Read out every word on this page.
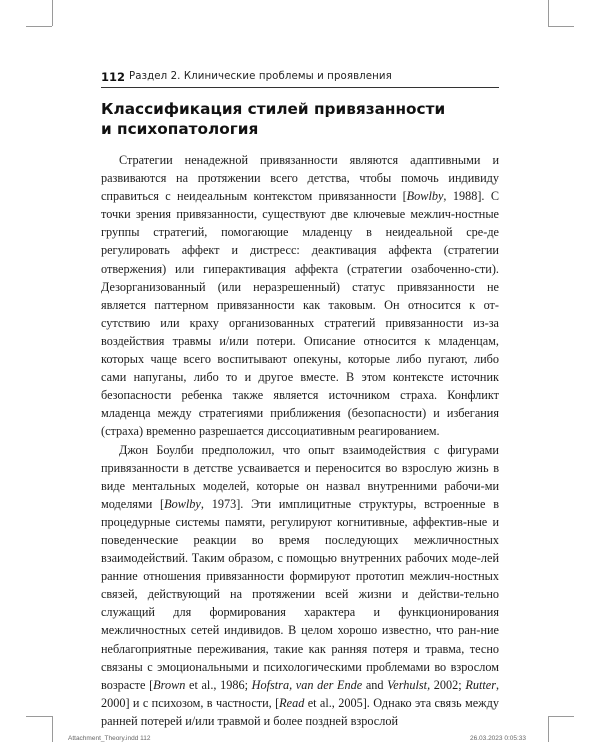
112 Раздел 2. Клинические проблемы и проявления
Классификация стилей привязанности
и психопатология

Стратегии ненадежной привязанности являются адаптивными и развиваются на протяжении всего детства, чтобы помочь индивиду справиться с неидеальным контекстом привязанности [Bowlby, 1988]. C точки зрения привязанности, существуют две ключевые межлич-ностные группы стратегий, помогающие младенцу в неидеальной сре-де регулировать аффект и дистресс: деактивация аффекта (стратегии отвержения) или гиперактивация аффекта (стратегии озабоченно-сти). Дезорганизованный (или неразрешенный) статус привязанности не является паттерном привязанности как таковым. Он относится к от-сутствию или краху организованных стратегий привязанности из-за воздействия травмы и/или потери. Описание относится к младенцам, которых чаще всего воспитывают опекуны, которые либо пугают, либо сами напуганы, либо то и другое вместе. В этом контексте источник безопасности ребенка также является источником страха. Конфликт младенца между стратегиями приближения (безопасности) и избегания (страха) временно разрешается диссоциативным реагированием.

Джон Боулби предположил, что опыт взаимодействия с фигурами привязанности в детстве усваивается и переносится во взрослую жизнь в виде ментальных моделей, которые он назвал внутренними рабочи-ми моделями [Bowlby, 1973]. Эти имплицитные структуры, встроенные в процедурные системы памяти, регулируют когнитивные, аффектив-ные и поведенческие реакции во время последующих межличностных взаимодействий. Таким образом, с помощью внутренних рабочих моде-лей ранние отношения привязанности формируют прототип межлич-ностных связей, действующий на протяжении всей жизни и действи-тельно служащий для формирования характера и функционирования межличностных сетей индивидов. В целом хорошо известно, что ран-ние неблагоприятные переживания, такие как ранняя потеря и травма, тесно связаны с эмоциональными и психологическими проблемами во взрослом возрасте [Brown et al., 1986; Hofstra, van der Ende and Verhulst, 2002; Rutter, 2000] и с психозом, в частности, [Read et al., 2005]. Однако эта связь между ранней потерей и/или травмой и более поздней взрослой

Attachment_Theory.indd 112	26.03.2023 0:05:33
